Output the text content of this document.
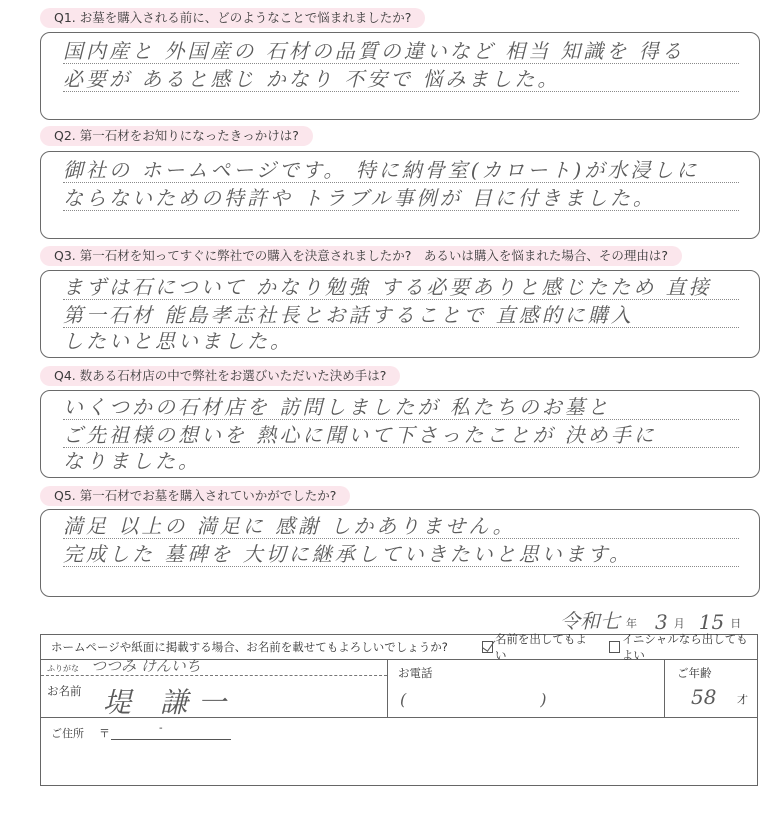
Q1. お墓を購入される前に、どのようなことで悩まれましたか?
国内産と 外国産の 石材の品質の違いなど 相当 知識を 得る
必要が あると感じ かなり 不安で 悩みました。
Q2. 第一石材をお知りになったきっかけは?
御社の ホームページです。 特に納骨室(カロート)が水浸しに
ならないための特許や トラブル事例が 目に付きました。
Q3. 第一石材を知ってすぐに弊社での購入を決意されましたか?　あるいは購入を悩まれた場合、その理由は?
まずは石について かなり勉強 する必要ありと感じたため 直接
第一石材 能島孝志社長とお話することで 直感的に購入
したいと思いました。
Q4. 数ある石材店の中で弊社をお選びいただいた決め手は?
いくつかの石材店を 訪問しましたが 私たちのお墓と
ご先祖様の想いを 熱心に聞いて下さったことが 決め手に
なりました。
Q5. 第一石材でお墓を購入されていかがでしたか?
満足 以上の 満足に 感謝 しかありません。
完成した 墓碑を 大切に継承していきたいと思います。
令和七 年 3 月 15 日
ホームページや紙面に掲載する場合、お名前を載せてもよろしいでしょうか?
名前を出してもよい
イニシャルなら出してもよい
ふりがな つつみ けんいち
お名前 堤 謙一
お電話
(　　　　)
ご年齢
58 才
ご住所 〒	-
